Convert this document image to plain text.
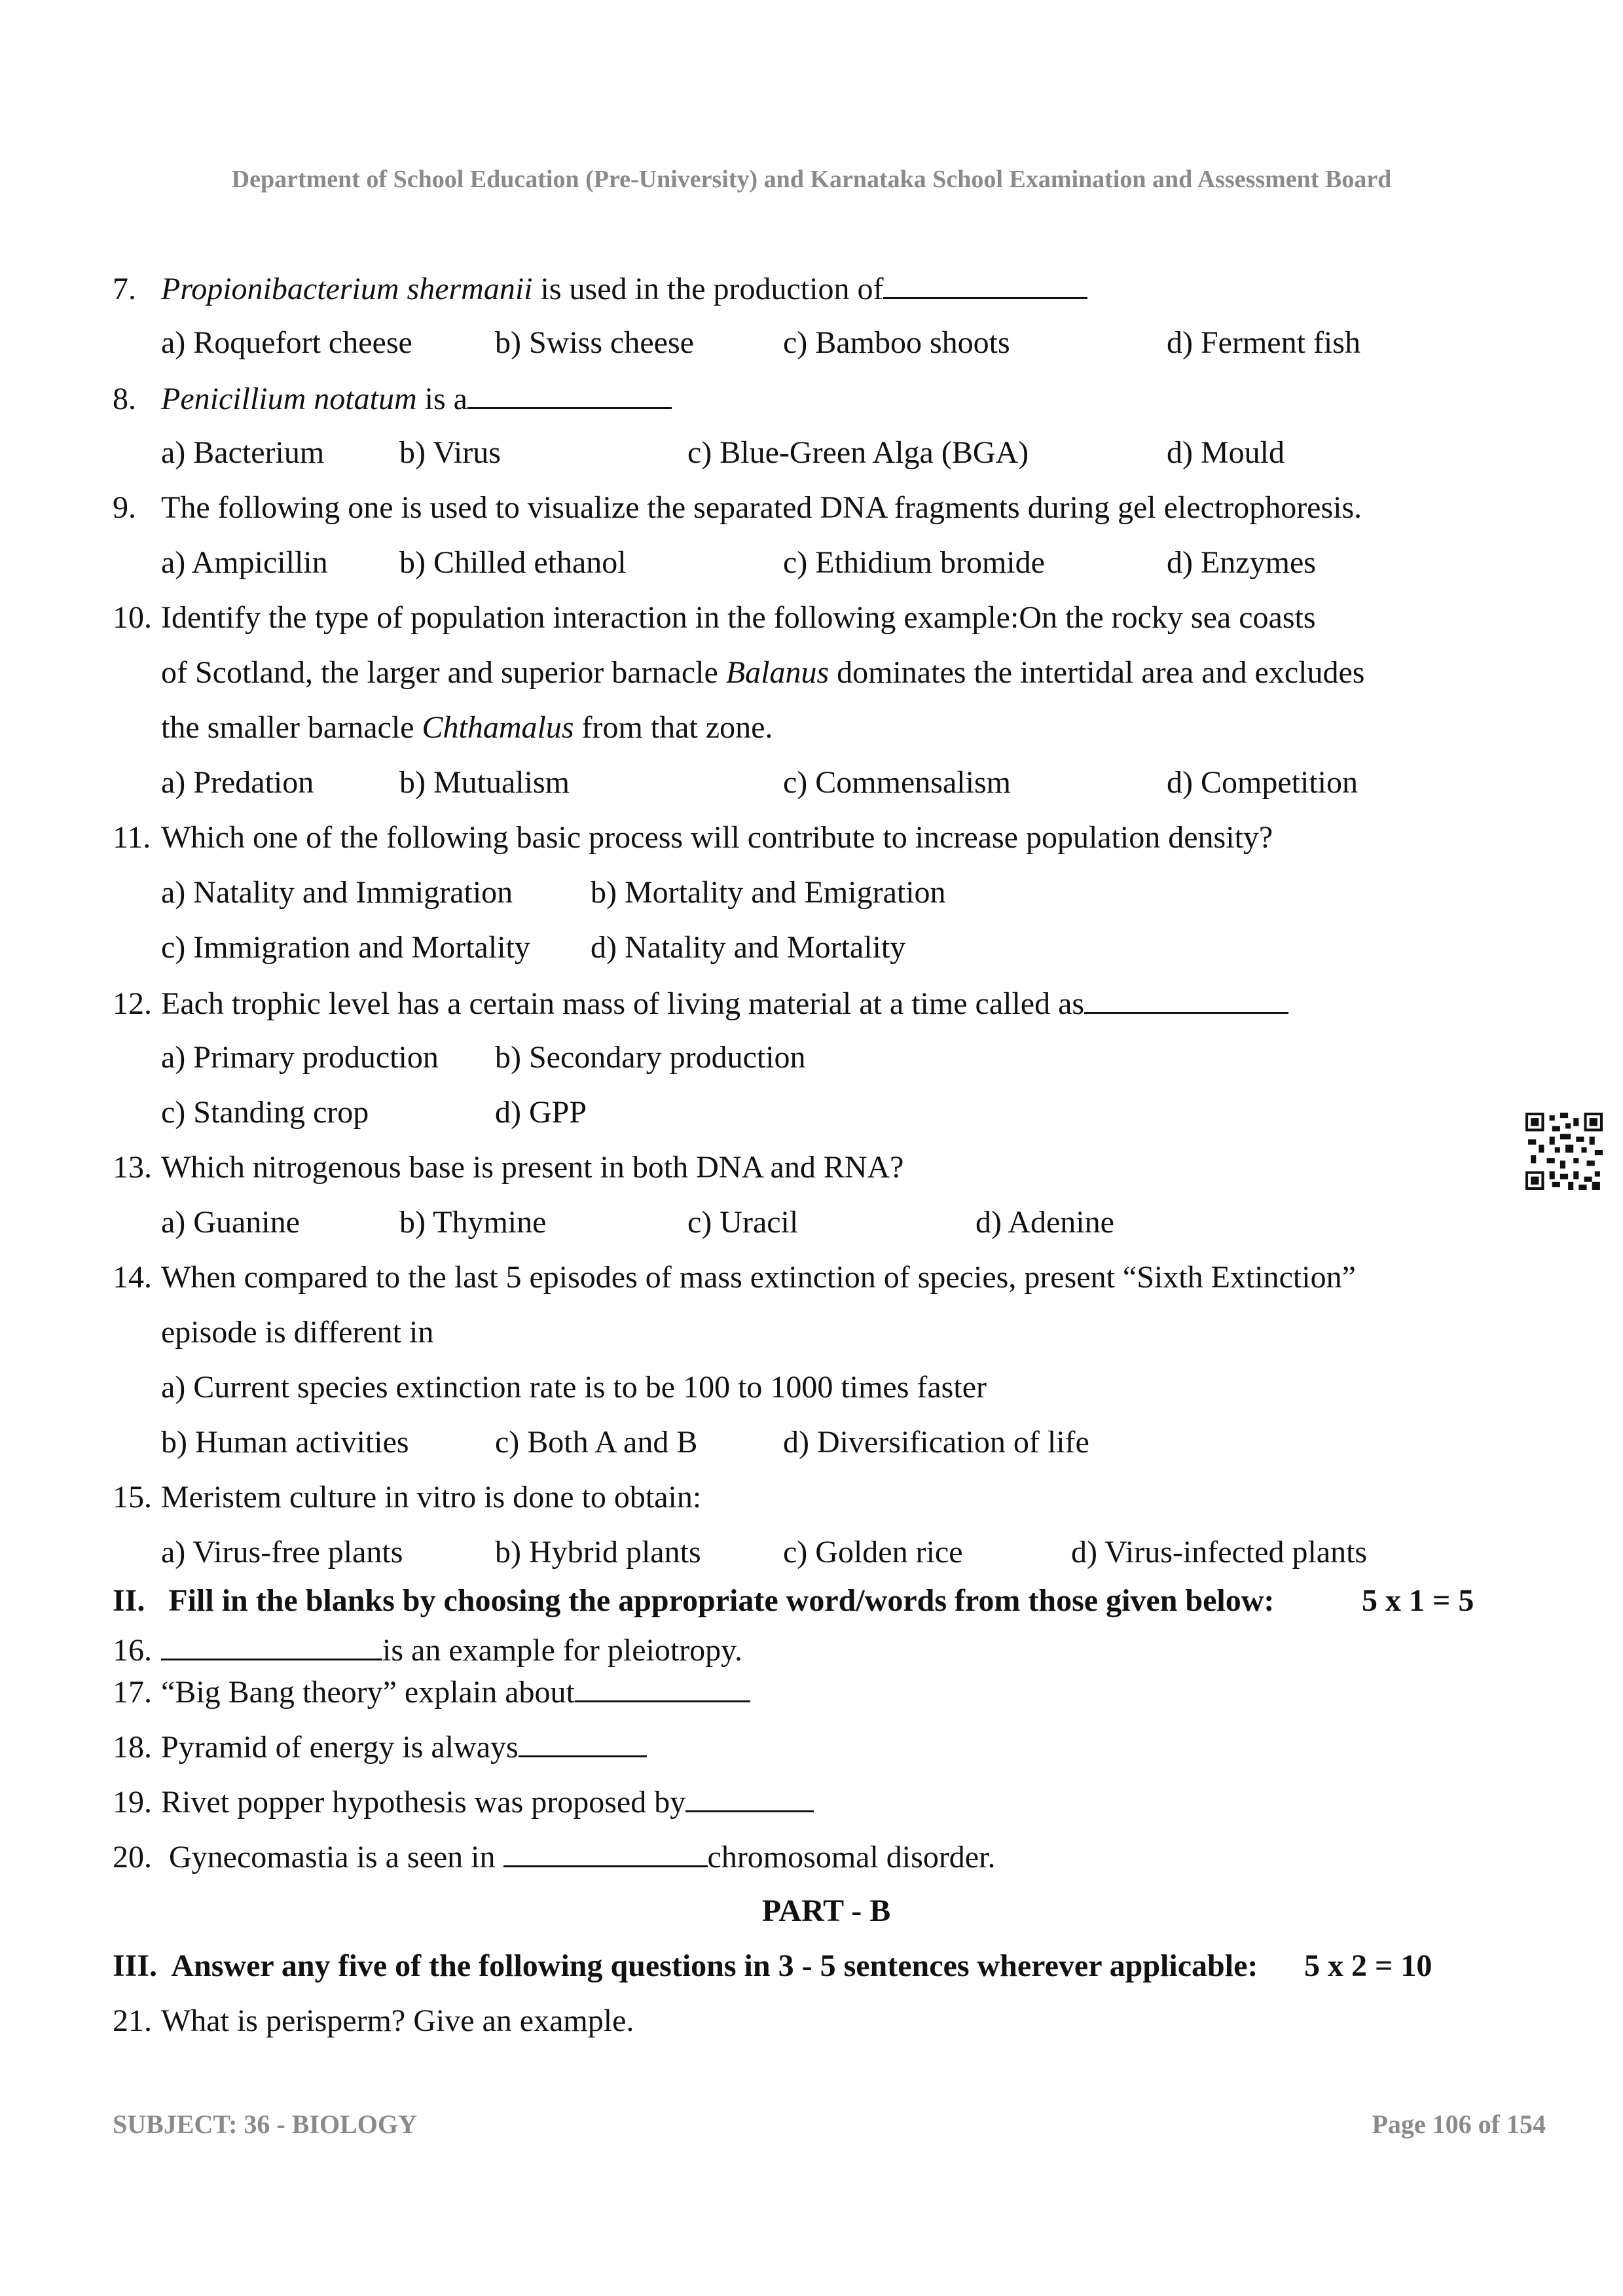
Department of School Education (Pre-University) and Karnataka School Examination and Assessment Board
7. Propionibacterium shermanii is used in the production of
a) Roquefort cheese	b) Swiss cheese	c) Bamboo shoots	d) Ferment fish
8. Penicillium notatum is a
a) Bacterium b) Virus	c) Blue-Green Alga (BGA)	d) Mould
9. The following one is used to visualize the separated DNA fragments during gel electrophoresis.
a) Ampicillin b) Chilled ethanol	c) Ethidium bromide	d) Enzymes
10. Identify the type of population interaction in the following example:On the rocky sea coasts
of Scotland, the larger and superior barnacle Balanus dominates the intertidal area and excludes
the smaller barnacle Chthamalus from that zone.
a) Predation	b) Mutualism	c) Commensalism	d) Competition
11. Which one of the following basic process will contribute to increase population density?
a) Natality and Immigration b) Mortality and Emigration
c) Immigration and Mortality d) Natality and Mortality
12. Each trophic level has a certain mass of living material at a time called as
a) Primary production b) Secondary production
c) Standing crop	d) GPP
13. Which nitrogenous base is present in both DNA and RNA?
a) Guanine	b) Thymine	c) Uracil	d) Adenine
14. When compared to the last 5 episodes of mass extinction of species, present “Sixth Extinction”
episode is different in
a) Current species extinction rate is to be 100 to 1000 times faster
b) Human activities	c) Both A and B	d) Diversification of life
15. Meristem culture in vitro is done to obtain:
a) Virus-free plants	b) Hybrid plants	c) Golden rice	d) Virus-infected plants
II.   Fill in the blanks by choosing the appropriate word/words from those given below:	5 x 1 = 5
16.	is an example for pleiotropy.
17. “Big Bang theory” explain about
18. Pyramid of energy is always
19. Rivet popper hypothesis was proposed by
20. Gynecomastia is a seen in	chromosomal disorder.
PART - B
III.  Answer any five of the following questions in 3 - 5 sentences wherever applicable: 5 x 2 = 10
21. What is perisperm? Give an example.
SUBJECT: 36 - BIOLOGY	Page 106 of 154
